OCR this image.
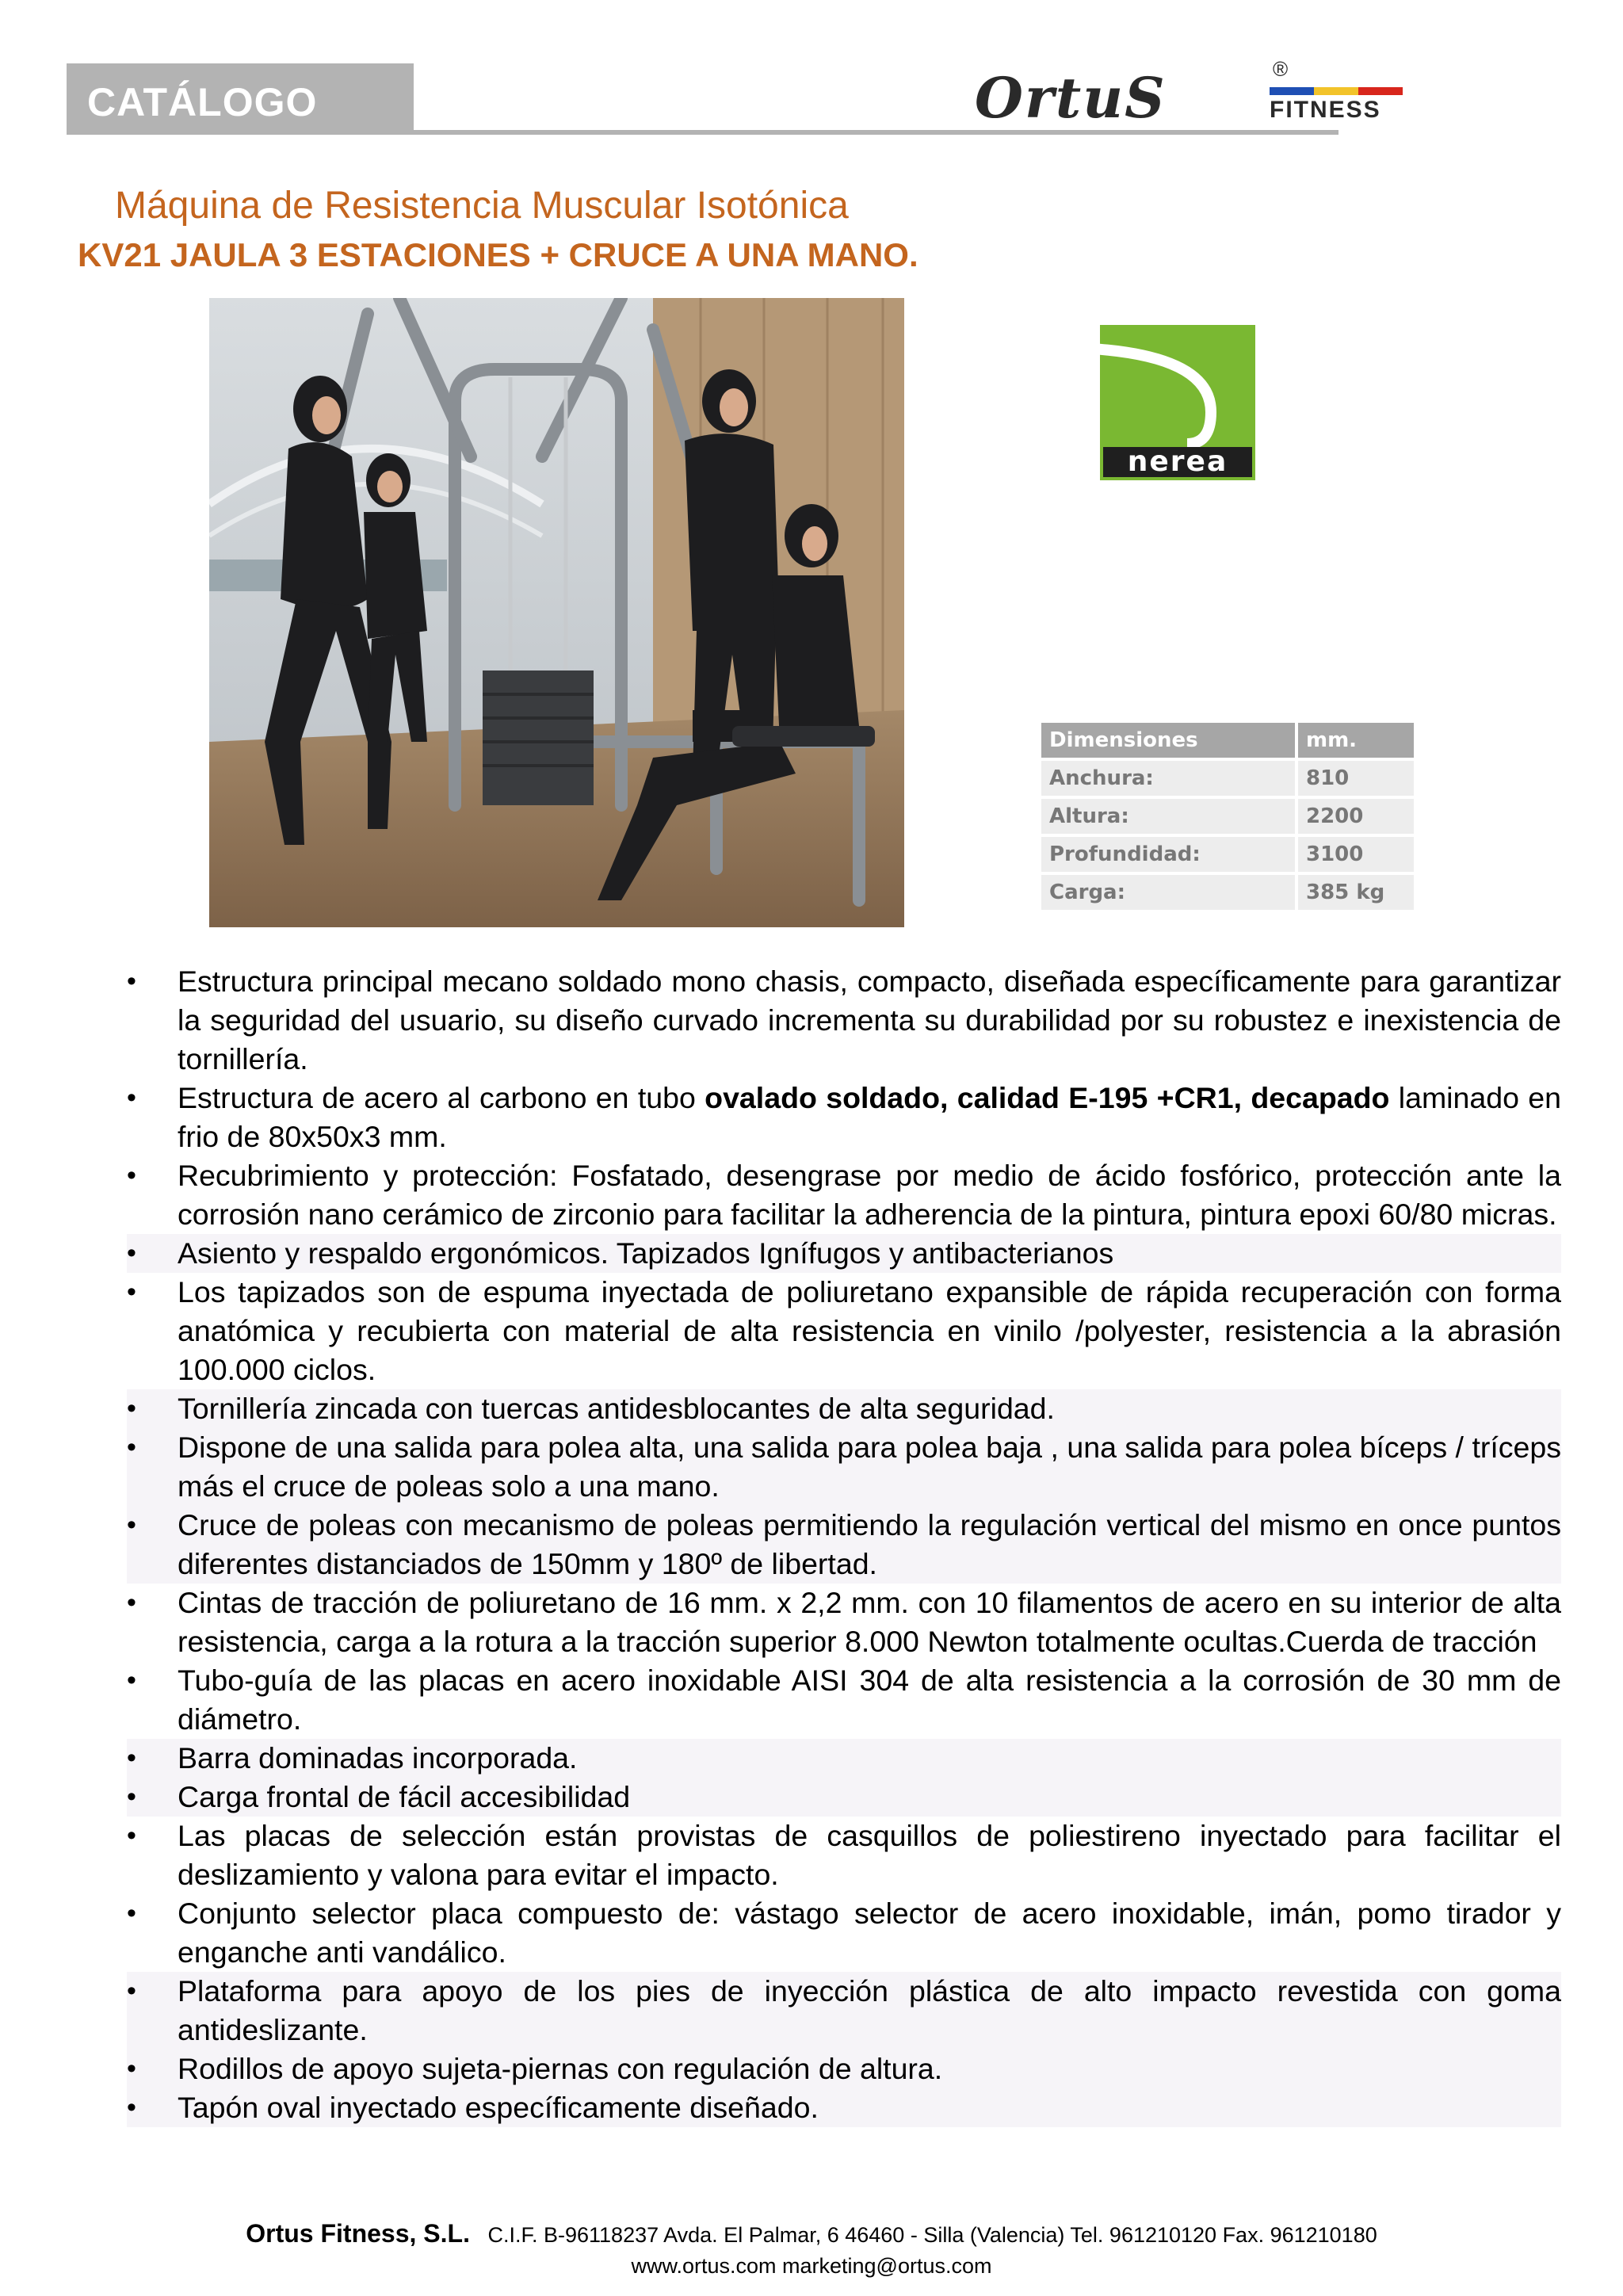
CATÁLOGO	OrtuS	®
FITNESS
Máquina de Resistencia Muscular Isotónica
KV21 JAULA 3 ESTACIONES + CRUCE A UNA MANO.
nerea
Dimensiones	mm.
Anchura:	810
Altura:	2200
Profundidad:	3100
Carga:	385 kg
• Estructura principal mecano soldado mono chasis, compacto, diseñada específicamente para garantizar la seguridad del usuario, su diseño curvado incrementa su durabilidad por su robustez e inexistencia de tornillería.
• Estructura de acero al carbono en tubo ovalado soldado, calidad E-195 +CR1, decapado laminado en frio de 80x50x3 mm.
• Recubrimiento y protección: Fosfatado, desengrase por medio de ácido fosfórico, protección ante la corrosión nano cerámico de zirconio para facilitar la adherencia de la pintura, pintura epoxi 60/80 micras.
• Asiento y respaldo ergonómicos. Tapizados Ignífugos y antibacterianos
• Los tapizados son de espuma inyectada de poliuretano expansible de rápida recuperación con forma anatómica y recubierta con material de alta resistencia en vinilo /polyester, resistencia a la abrasión 100.000 ciclos.
• Tornillería zincada con tuercas antidesblocantes de alta seguridad.
• Dispone de una salida para polea alta, una salida para polea baja , una salida para polea bíceps / tríceps más el cruce de poleas solo a una mano.
• Cruce de poleas con mecanismo de poleas permitiendo la regulación vertical del mismo en once puntos diferentes distanciados de 150mm y 180º de libertad.
• Cintas de tracción de poliuretano de 16 mm. x 2,2 mm. con 10 filamentos de acero en su interior de alta resistencia, carga a la rotura a la tracción superior 8.000 Newton totalmente ocultas.Cuerda de tracción
• Tubo-guía de las placas en acero inoxidable AISI 304 de alta resistencia a la corrosión de 30 mm de diámetro.
• Barra dominadas incorporada.
• Carga frontal de fácil accesibilidad
• Las placas de selección están provistas de casquillos de poliestireno inyectado para facilitar el deslizamiento y valona para evitar el impacto.
• Conjunto selector placa compuesto de: vástago selector de acero inoxidable, imán, pomo tirador y enganche anti vandálico.
• Plataforma para apoyo de los pies de inyección plástica de alto impacto revestida con goma antideslizante.
• Rodillos de apoyo sujeta-piernas con regulación de altura.
• Tapón oval inyectado específicamente diseñado.
Ortus Fitness, S.L. C.I.F. B-96118237 Avda. El Palmar, 6 46460 - Silla (Valencia) Tel. 961210120 Fax. 961210180
www.ortus.com marketing@ortus.com
